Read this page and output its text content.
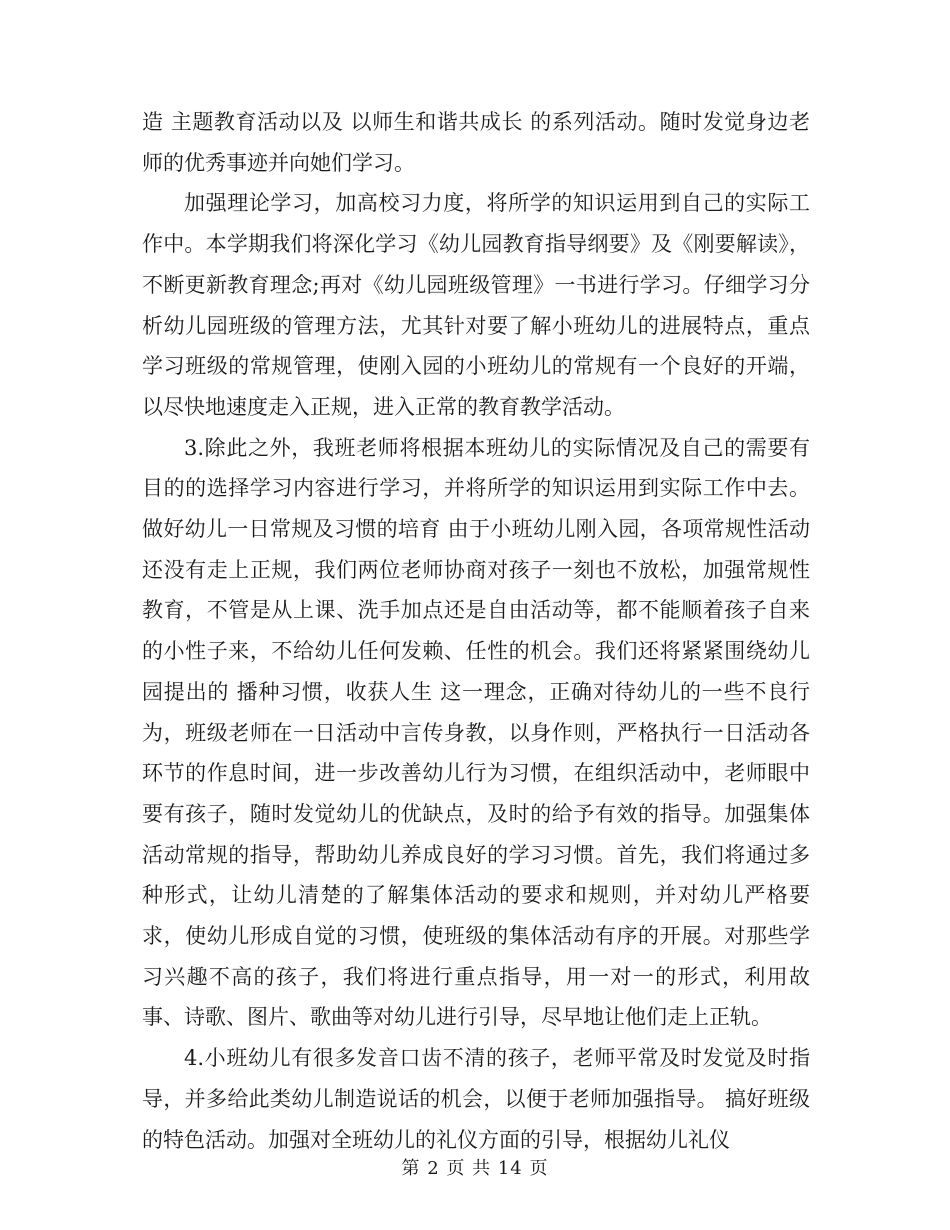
造 主题教育活动以及 以师生和谐共成长 的系列活动。随时发觉身边老师的优秀事迹并向她们学习。

加强理论学习，加高校习力度，将所学的知识运用到自己的实际工作中。本学期我们将深化学习《幼儿园教育指导纲要》及《刚要解读》，不断更新教育理念;再对《幼儿园班级管理》一书进行学习。仔细学习分析幼儿园班级的管理方法，尤其针对要了解小班幼儿的进展特点，重点学习班级的常规管理，使刚入园的小班幼儿的常规有一个良好的开端，以尽快地速度走入正规，进入正常的教育教学活动。

3.除此之外，我班老师将根据本班幼儿的实际情况及自己的需要有目的的选择学习内容进行学习，并将所学的知识运用到实际工作中去。 做好幼儿一日常规及习惯的培育 由于小班幼儿刚入园，各项常规性活动还没有走上正规，我们两位老师协商对孩子一刻也不放松，加强常规性教育，不管是从上课、洗手加点还是自由活动等，都不能顺着孩子自来的小性子来，不给幼儿任何发赖、任性的机会。我们还将紧紧围绕幼儿园提出的 播种习惯，收获人生 这一理念，正确对待幼儿的一些不良行为，班级老师在一日活动中言传身教，以身作则，严格执行一日活动各环节的作息时间，进一步改善幼儿行为习惯，在组织活动中，老师眼中要有孩子，随时发觉幼儿的优缺点，及时的给予有效的指导。加强集体活动常规的指导，帮助幼儿养成良好的学习习惯。首先，我们将通过多种形式，让幼儿清楚的了解集体活动的要求和规则，并对幼儿严格要求，使幼儿形成自觉的习惯，使班级的集体活动有序的开展。对那些学习兴趣不高的孩子，我们将进行重点指导，用一对一的形式，利用故事、诗歌、图片、歌曲等对幼儿进行引导，尽早地让他们走上正轨。

4.小班幼儿有很多发音口齿不清的孩子，老师平常及时发觉及时指导，并多给此类幼儿制造说话的机会，以便于老师加强指导。 搞好班级的特色活动。加强对全班幼儿的礼仪方面的引导，根据幼儿礼仪

第 2 页 共 14 页
